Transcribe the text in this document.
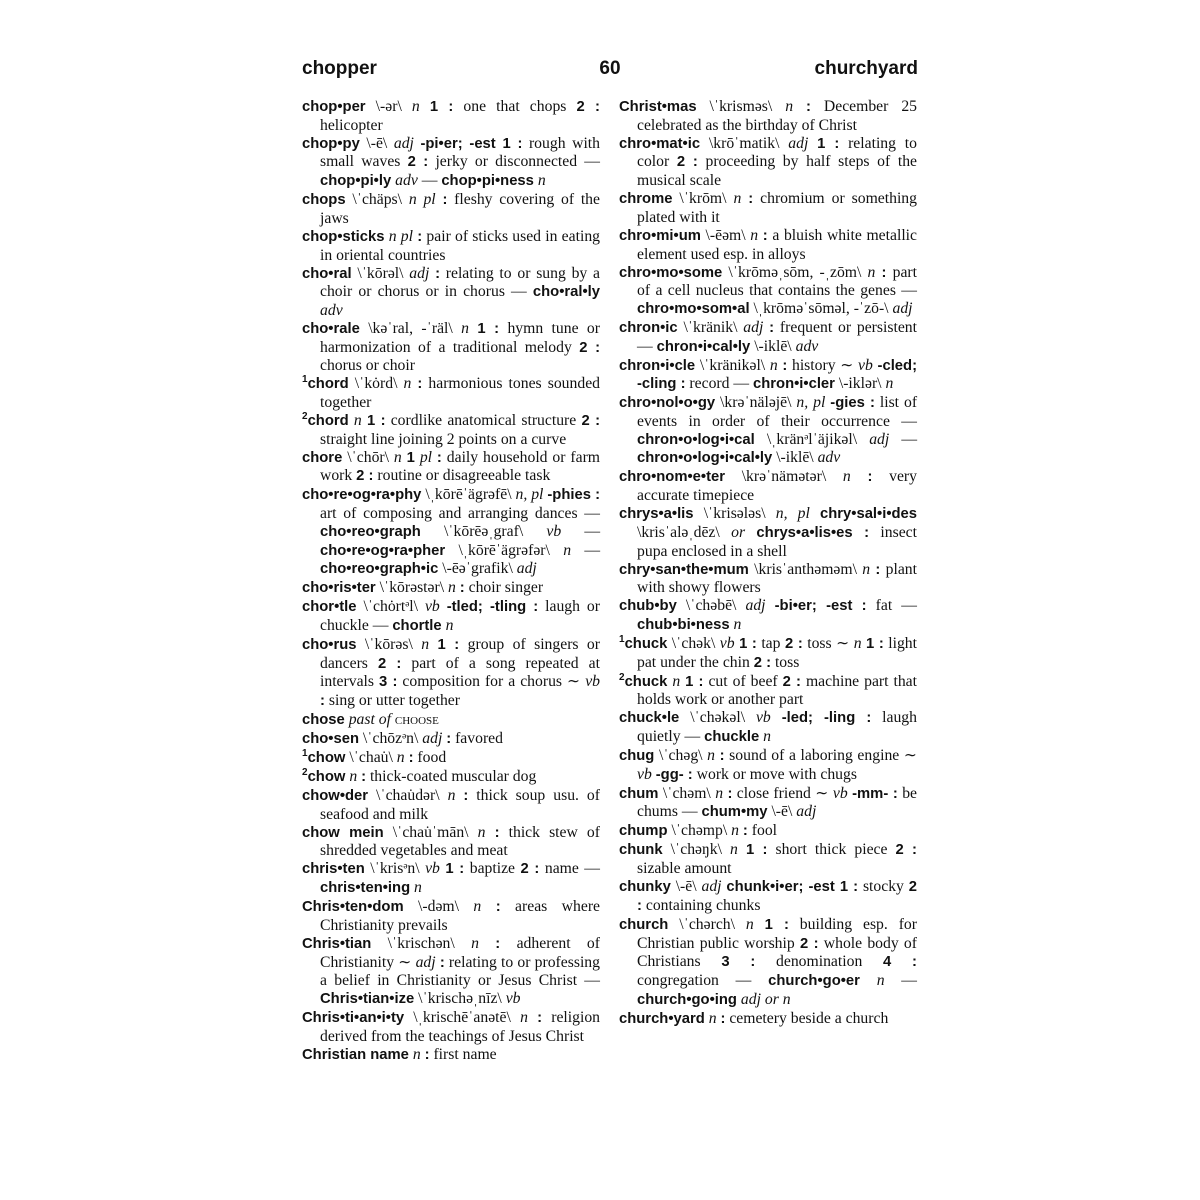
chopper	60	churchyard
chop•per \-ər\ n 1 : one that chops 2 : helicopter
chop•py \-ē\ adj -pi•er; -est 1 : rough with small waves 2 : jerky or disconnected — chop•pi•ly adv — chop•pi•ness n
chops \ˈchäps\ n pl : fleshy covering of the jaws
chop•sticks n pl : pair of sticks used in eating in oriental countries
cho•ral \ˈkōrəl\ adj : relating to or sung by a choir or chorus or in chorus — cho•ral•ly adv
cho•rale \kəˈral, -ˈräl\ n 1 : hymn tune or harmonization of a traditional melody 2 : chorus or choir
$^1$chord \ˈkȯrd\ n : harmonious tones sounded together
$^2$chord n 1 : cordlike anatomical structure 2 : straight line joining 2 points on a curve
chore \ˈchōr\ n 1 pl : daily household or farm work 2 : routine or disagreeable task
cho•re•og•ra•phy \ˌkōrēˈägrəfē\ n, pl -phies : art of composing and arranging dances — cho•reo•graph \ˈkōrēəˌgraf\ vb — cho•re•og•ra•pher \ˌkōrēˈägrəfər\ n — cho•reo•graph•ic \-ēəˈgrafik\ adj
cho•ris•ter \ˈkōrəstər\ n : choir singer
chor•tle \ˈchȯrtᵊl\ vb -tled; -tling : laugh or chuckle — chortle n
cho•rus \ˈkōrəs\ n 1 : group of singers or dancers 2 : part of a song repeated at intervals 3 : composition for a chorus ∼ vb : sing or utter together
chose past of choose
cho•sen \ˈchōzᵊn\ adj : favored
$^1$chow \ˈchau̇\ n : food
$^2$chow n : thick-coated muscular dog
chow•der \ˈchau̇dər\ n : thick soup usu. of seafood and milk
chow mein \ˈchau̇ˈmān\ n : thick stew of shredded vegetables and meat
chris•ten \ˈkrisᵊn\ vb 1 : baptize 2 : name — chris•ten•ing n
Chris•ten•dom \-dəm\ n : areas where Christianity prevails
Chris•tian \ˈkrischən\ n : adherent of Christianity ∼ adj : relating to or professing a belief in Christianity or Jesus Christ — Chris•tian•ize \ˈkrischəˌnīz\ vb
Chris•ti•an•i•ty \ˌkrischēˈanətē\ n : religion derived from the teachings of Jesus Christ
Christian name n : first name
Christ•mas \ˈkrisməs\ n : December 25 celebrated as the birthday of Christ
chro•mat•ic \krōˈmatik\ adj 1 : relating to color 2 : proceeding by half steps of the musical scale
chrome \ˈkrōm\ n : chromium or something plated with it
chro•mi•um \-ēəm\ n : a bluish white metallic element used esp. in alloys
chro•mo•some \ˈkrōməˌsōm, -ˌzōm\ n : part of a cell nucleus that contains the genes — chro•mo•som•al \ˌkrōməˈsōməl, -ˈzō-\ adj
chron•ic \ˈkränik\ adj : frequent or persistent — chron•i•cal•ly \-iklē\ adv
chron•i•cle \ˈkränikəl\ n : history ∼ vb -cled; -cling : record — chron•i•cler \-iklər\ n
chro•nol•o•gy \krəˈnäləjē\ n, pl -gies : list of events in order of their occurrence — chron•o•log•i•cal \ˌkränᵊlˈäjikəl\ adj — chron•o•log•i•cal•ly \-iklē\ adv
chro•nom•e•ter \krəˈnämətər\ n : very accurate timepiece
chrys•a•lis \ˈkrisələs\ n, pl chry•sal•i•des \krisˈaləˌdēz\ or chrys•a•lis•es : insect pupa enclosed in a shell
chry•san•the•mum \krisˈanthəməm\ n : plant with showy flowers
chub•by \ˈchəbē\ adj -bi•er; -est : fat — chub•bi•ness n
$^1$chuck \ˈchək\ vb 1 : tap 2 : toss ∼ n 1 : light pat under the chin 2 : toss
$^2$chuck n 1 : cut of beef 2 : machine part that holds work or another part
chuck•le \ˈchəkəl\ vb -led; -ling : laugh quietly — chuckle n
chug \ˈchəg\ n : sound of a laboring engine ∼ vb -gg- : work or move with chugs
chum \ˈchəm\ n : close friend ∼ vb -mm- : be chums — chum•my \-ē\ adj
chump \ˈchəmp\ n : fool
chunk \ˈchəŋk\ n 1 : short thick piece 2 : sizable amount
chunky \-ē\ adj chunk•i•er; -est 1 : stocky 2 : containing chunks
church \ˈchərch\ n 1 : building esp. for Christian public worship 2 : whole body of Christians 3 : denomination 4 : congregation — church•go•er n — church•go•ing adj or n
church•yard n : cemetery beside a church
